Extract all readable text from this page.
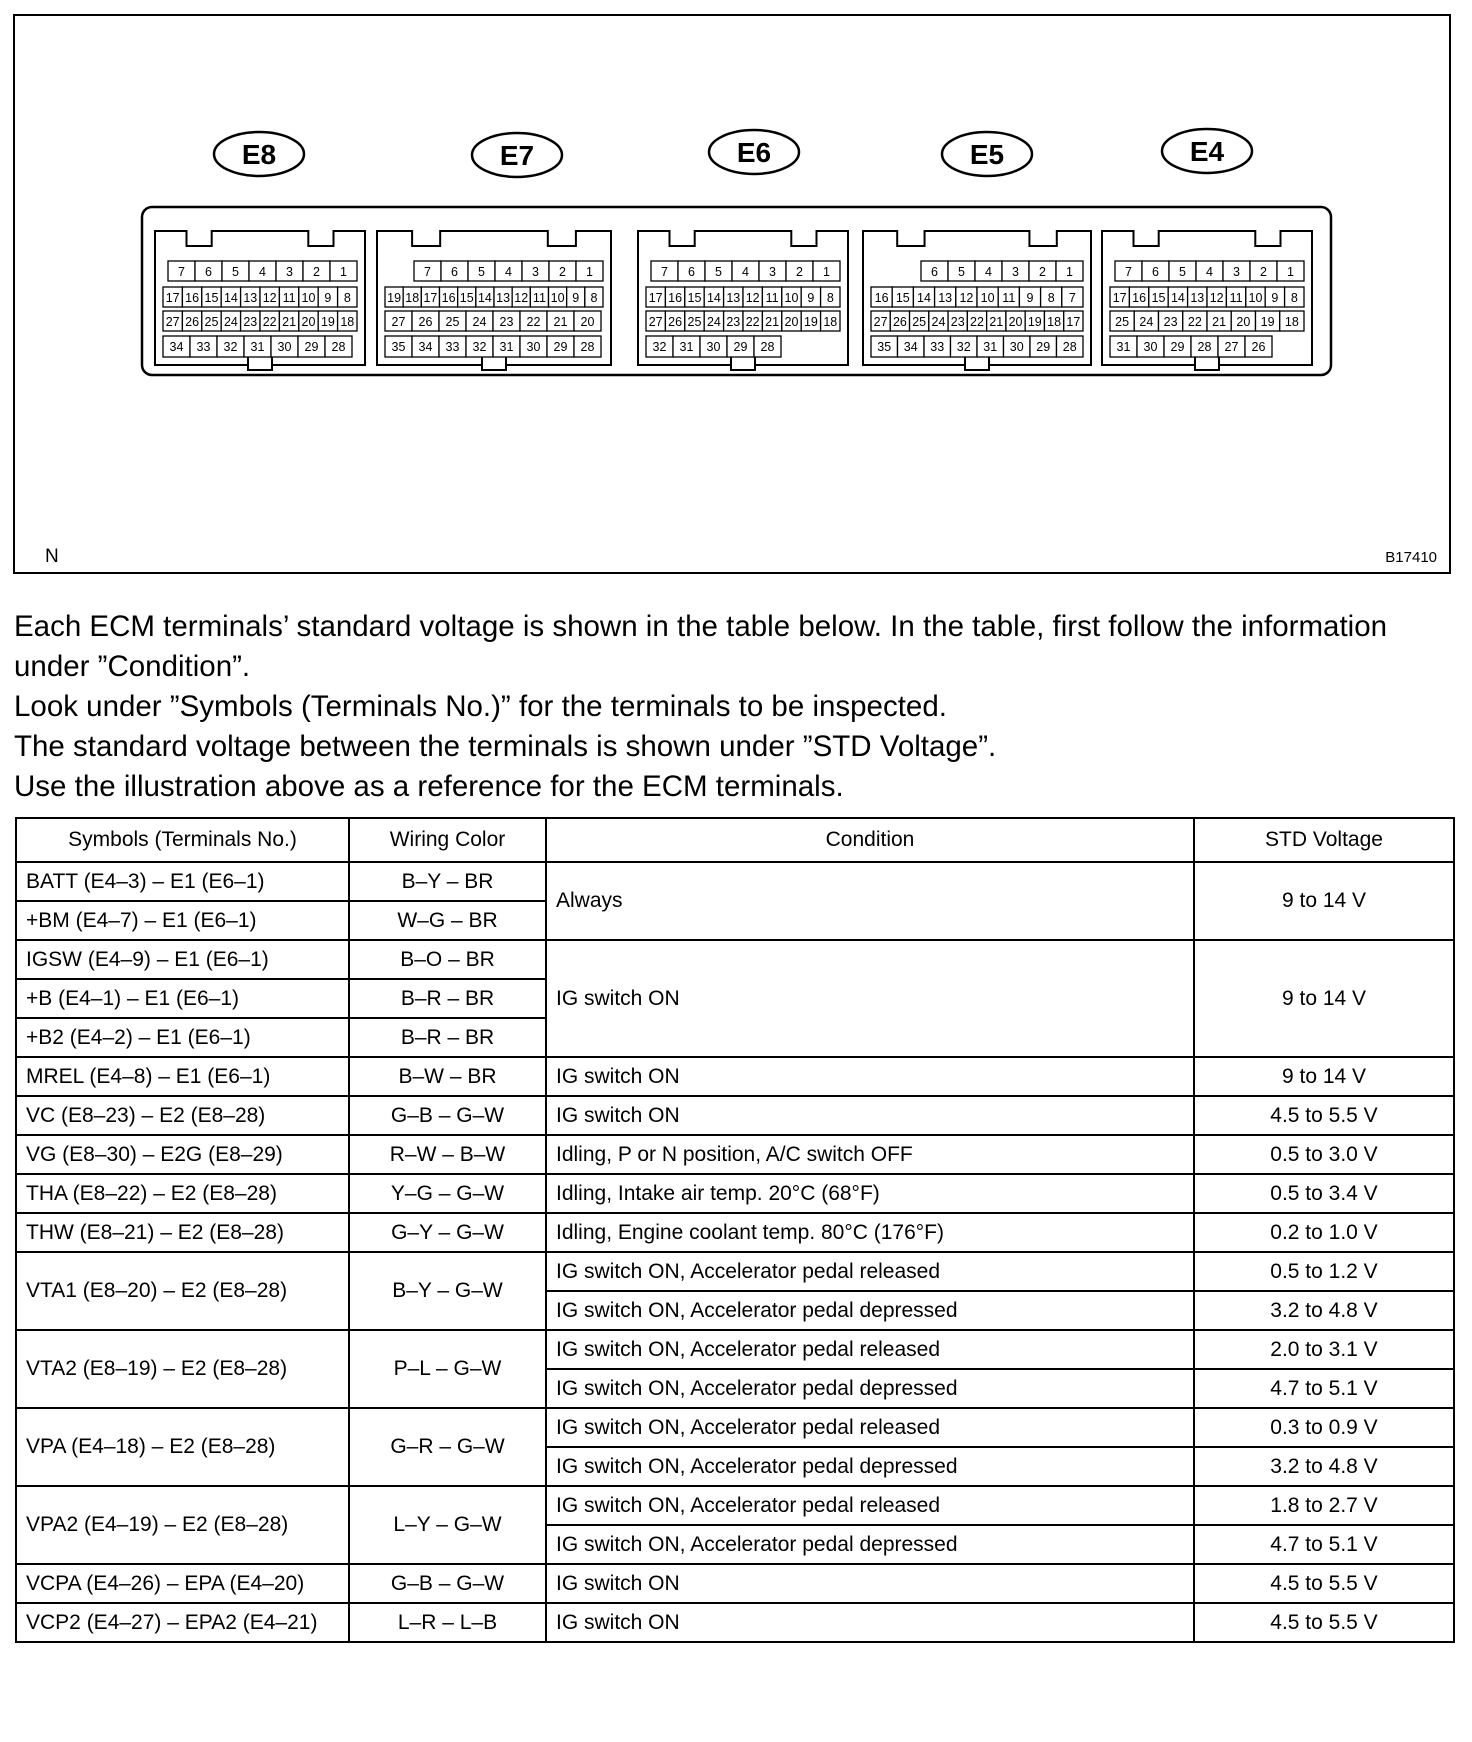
E8
7 6 5 4 3 2 1
17 16 15 14 13 12 11 10 9 8
27 26 25 24 23 22 21 20 19 18
34 33 32 31 30 29 28
E7
7 6 5 4 3 2 1
19 18 17 16 15 14 13 12 11 10 9 8
27 26 25 24 23 22 21 20
35 34 33 32 31 30 29 28
E6
7 6 5 4 3 2 1
17 16 15 14 13 12 11 10 9 8
27 26 25 24 23 22 21 20 19 18
32 31 30 29 28
E5
6 5 4 3 2 1
16 15 14 13 12 10 11 9 8 7
27 26 25 24 23 22 21 20 19 18 17
35 34 33 32 31 30 29 28
E4
7 6 5 4 3 2 1
17 16 15 14 13 12 11 10 9 8
25 24 23 22 21 20 19 18
31 30 29 28 27 26
N	B17410

Each ECM terminals’ standard voltage is shown in the table below. In the table, first follow the information under ”Condition”.

Look under ”Symbols (Terminals No.)” for the terminals to be inspected.

The standard voltage between the terminals is shown under ”STD Voltage”.

Use the illustration above as a reference for the ECM terminals.

Symbols (Terminals No.)	Wiring Color	Condition	STD Voltage
BATT (E4–3) – E1 (E6–1)	B–Y – BR	Always	9 to 14 V
+BM (E4–7) – E1 (E6–1)	W–G – BR		
IGSW (E4–9) – E1 (E6–1)	B–O – BR	IG switch ON	9 to 14 V
+B (E4–1) – E1 (E6–1)	B–R – BR		
+B2 (E4–2) – E1 (E6–1)	B–R – BR		
MREL (E4–8) – E1 (E6–1)	B–W – BR	IG switch ON	9 to 14 V
VC (E8–23) – E2 (E8–28)	G–B – G–W	IG switch ON	4.5 to 5.5 V
VG (E8–30) – E2G (E8–29)	R–W – B–W	Idling, P or N position, A/C switch OFF	0.5 to 3.0 V
THA (E8–22) – E2 (E8–28)	Y–G – G–W	Idling, Intake air temp. 20°C (68°F)	0.5 to 3.4 V
THW (E8–21) – E2 (E8–28)	G–Y – G–W	Idling, Engine coolant temp. 80°C (176°F)	0.2 to 1.0 V
VTA1 (E8–20) – E2 (E8–28)	B–Y – G–W	IG switch ON, Accelerator pedal released	0.5 to 1.2 V
		IG switch ON, Accelerator pedal depressed	3.2 to 4.8 V
VTA2 (E8–19) – E2 (E8–28)	P–L – G–W	IG switch ON, Accelerator pedal released	2.0 to 3.1 V
		IG switch ON, Accelerator pedal depressed	4.7 to 5.1 V
VPA (E4–18) – E2 (E8–28)	G–R – G–W	IG switch ON, Accelerator pedal released	0.3 to 0.9 V
		IG switch ON, Accelerator pedal depressed	3.2 to 4.8 V
VPA2 (E4–19) – E2 (E8–28)	L–Y – G–W	IG switch ON, Accelerator pedal released	1.8 to 2.7 V
		IG switch ON, Accelerator pedal depressed	4.7 to 5.1 V
VCPA (E4–26) – EPA (E4–20)	G–B – G–W	IG switch ON	4.5 to 5.5 V
VCP2 (E4–27) – EPA2 (E4–21)	L–R – L–B	IG switch ON	4.5 to 5.5 V
